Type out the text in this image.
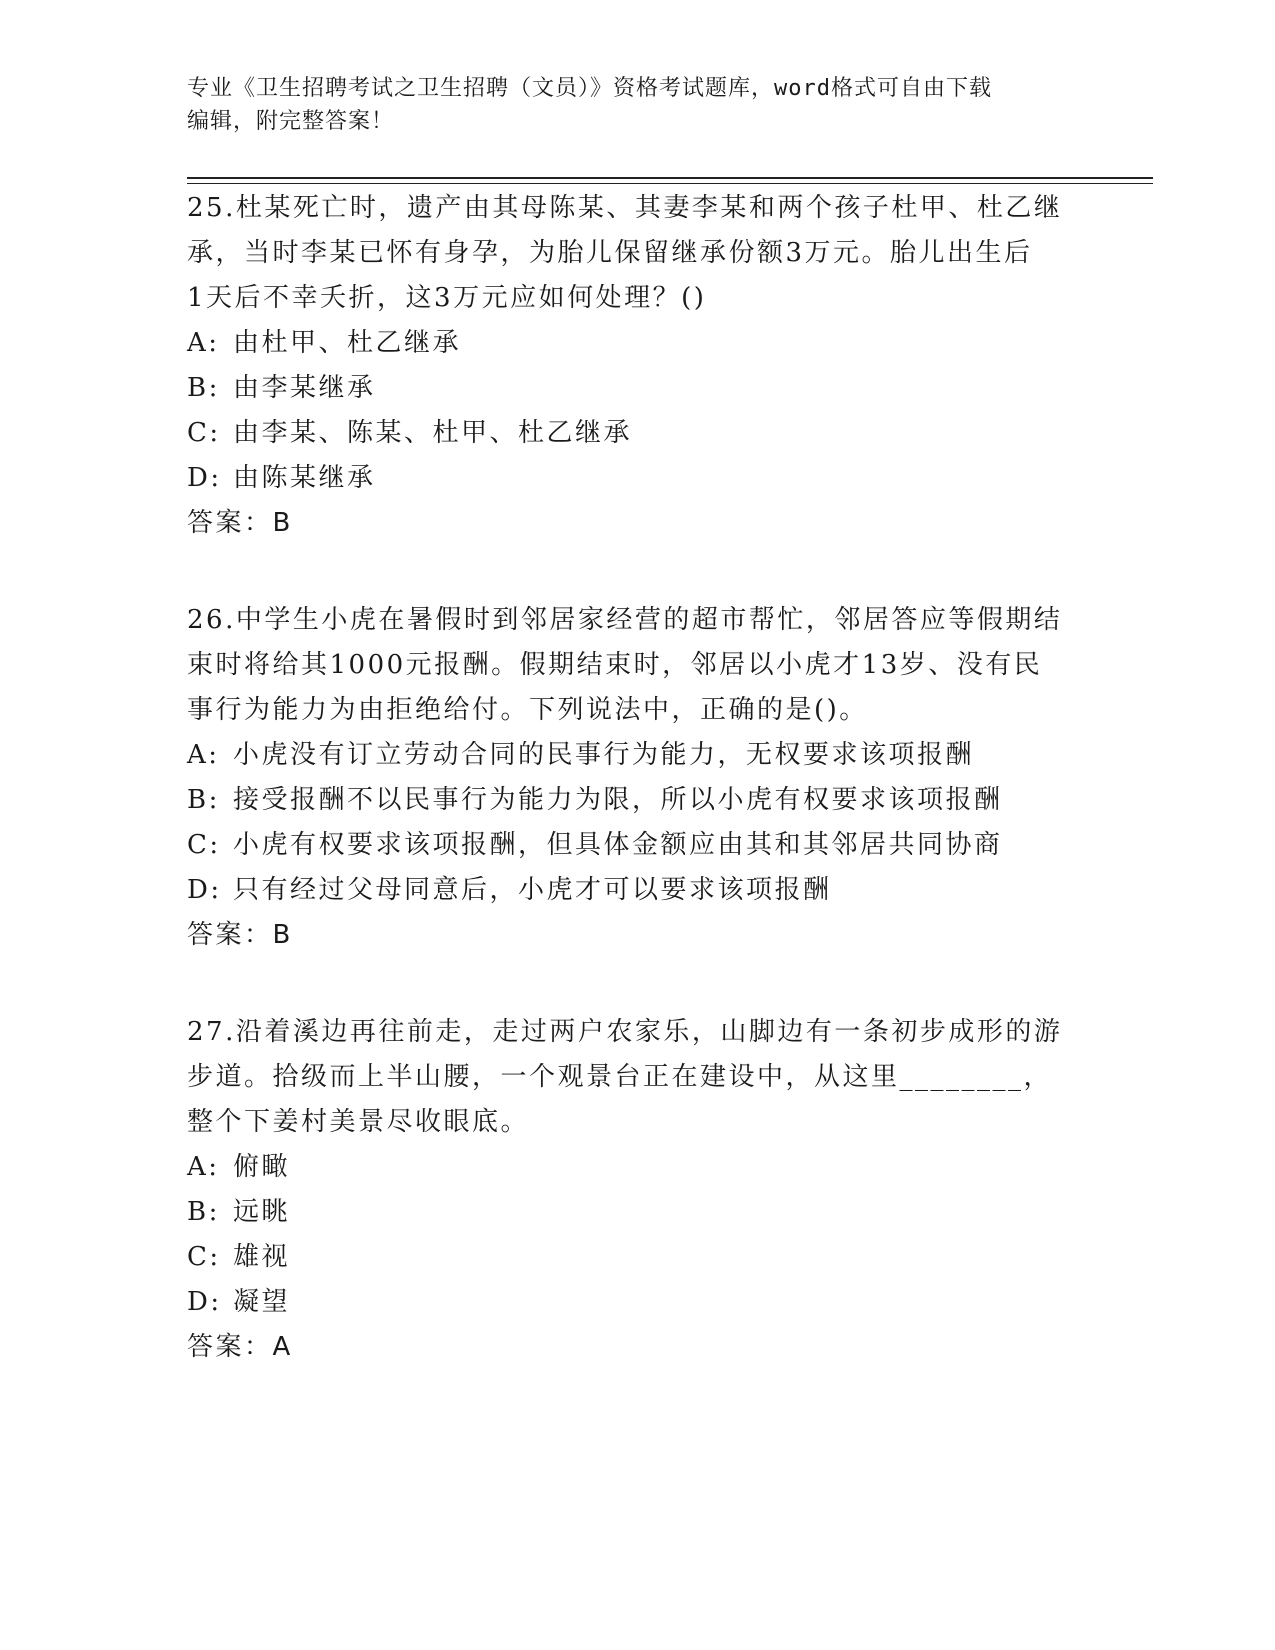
专业《卫生招聘考试之卫生招聘（文员）》资格考试题库，word格式可自由下载
编辑，附完整答案！

25.杜某死亡时，遗产由其母陈某、其妻李某和两个孩子杜甲、杜乙继

承，当时李某已怀有身孕，为胎儿保留继承份额3万元。胎儿出生后

1天后不幸夭折，这3万元应如何处理？()

A: 由杜甲、杜乙继承

B: 由李某继承

C: 由李某、陈某、杜甲、杜乙继承

D: 由陈某继承

答案：B

26.中学生小虎在暑假时到邻居家经营的超市帮忙，邻居答应等假期结

束时将给其1000元报酬。假期结束时，邻居以小虎才13岁、没有民

事行为能力为由拒绝给付。下列说法中，正确的是()。

A: 小虎没有订立劳动合同的民事行为能力，无权要求该项报酬

B: 接受报酬不以民事行为能力为限，所以小虎有权要求该项报酬

C: 小虎有权要求该项报酬，但具体金额应由其和其邻居共同协商

D: 只有经过父母同意后，小虎才可以要求该项报酬

答案：B

27.沿着溪边再往前走，走过两户农家乐，山脚边有一条初步成形的游

步道。拾级而上半山腰，一个观景台正在建设中，从这里________，

整个下姜村美景尽收眼底。

A: 俯瞰

B: 远眺

C: 雄视

D: 凝望

答案：A
